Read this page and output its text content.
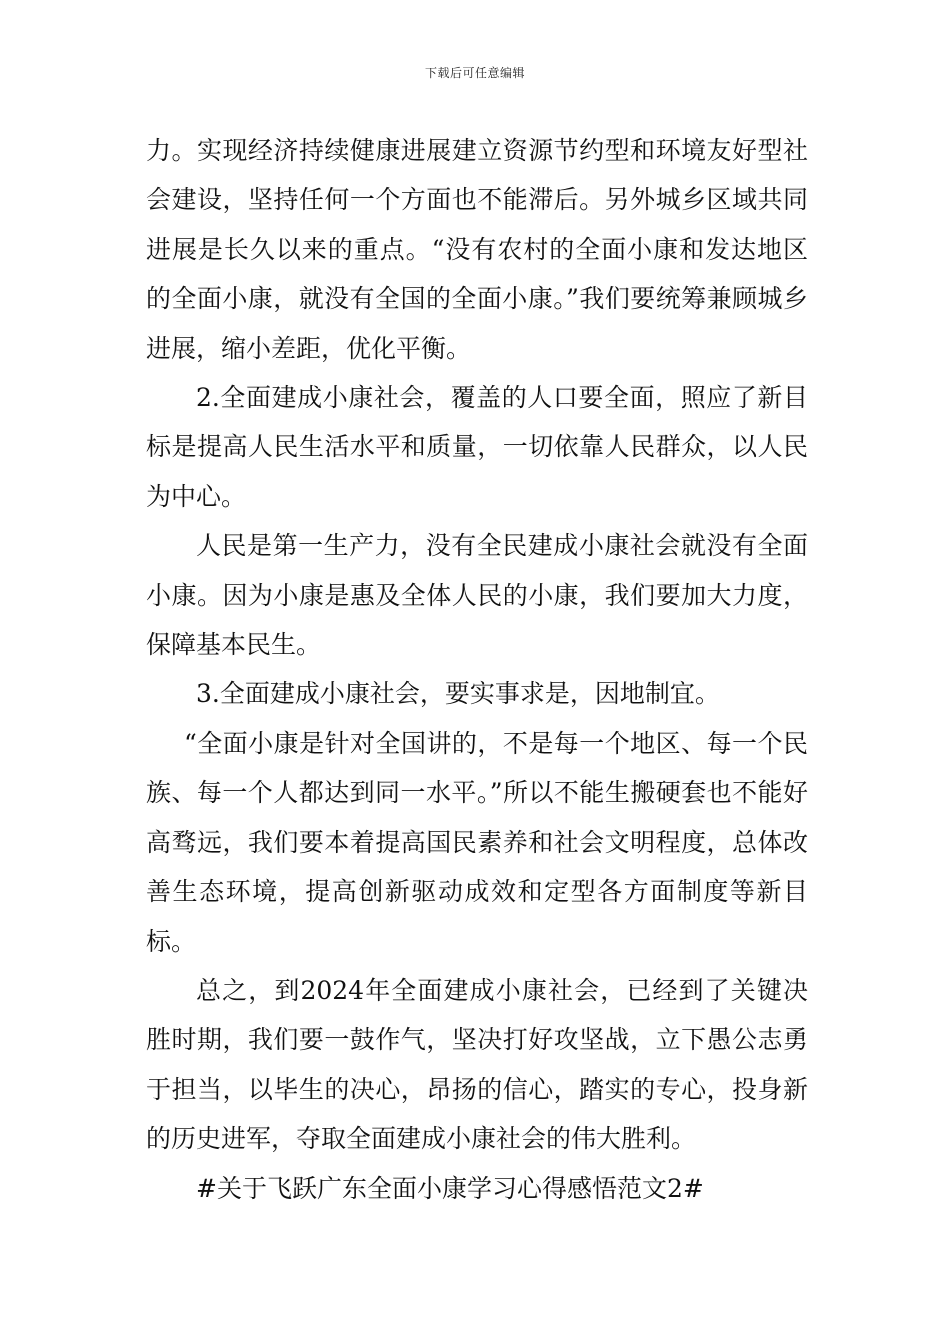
下载后可任意编辑

力。实现经济持续健康进展建立资源节约型和环境友好型社会建设，坚持任何一个方面也不能滞后。另外城乡区域共同进展是长久以来的重点。“没有农村的全面小康和发达地区的全面小康，就没有全国的全面小康。”我们要统筹兼顾城乡进展，缩小差距，优化平衡。

2.全面建成小康社会，覆盖的人口要全面，照应了新目标是提高人民生活水平和质量，一切依靠人民群众，以人民为中心。

人民是第一生产力，没有全民建成小康社会就没有全面小康。因为小康是惠及全体人民的小康，我们要加大力度，保障基本民生。

3.全面建成小康社会，要实事求是，因地制宜。

“全面小康是针对全国讲的，不是每一个地区、每一个民族、每一个人都达到同一水平。”所以不能生搬硬套也不能好高骛远，我们要本着提高国民素养和社会文明程度，总体改善生态环境，提高创新驱动成效和定型各方面制度等新目标。

总之，到2024年全面建成小康社会，已经到了关键决胜时期，我们要一鼓作气，坚决打好攻坚战，立下愚公志勇于担当，以毕生的决心，昂扬的信心，踏实的专心，投身新的历史进军，夺取全面建成小康社会的伟大胜利。

#关于飞跃广东全面小康学习心得感悟范文2#
